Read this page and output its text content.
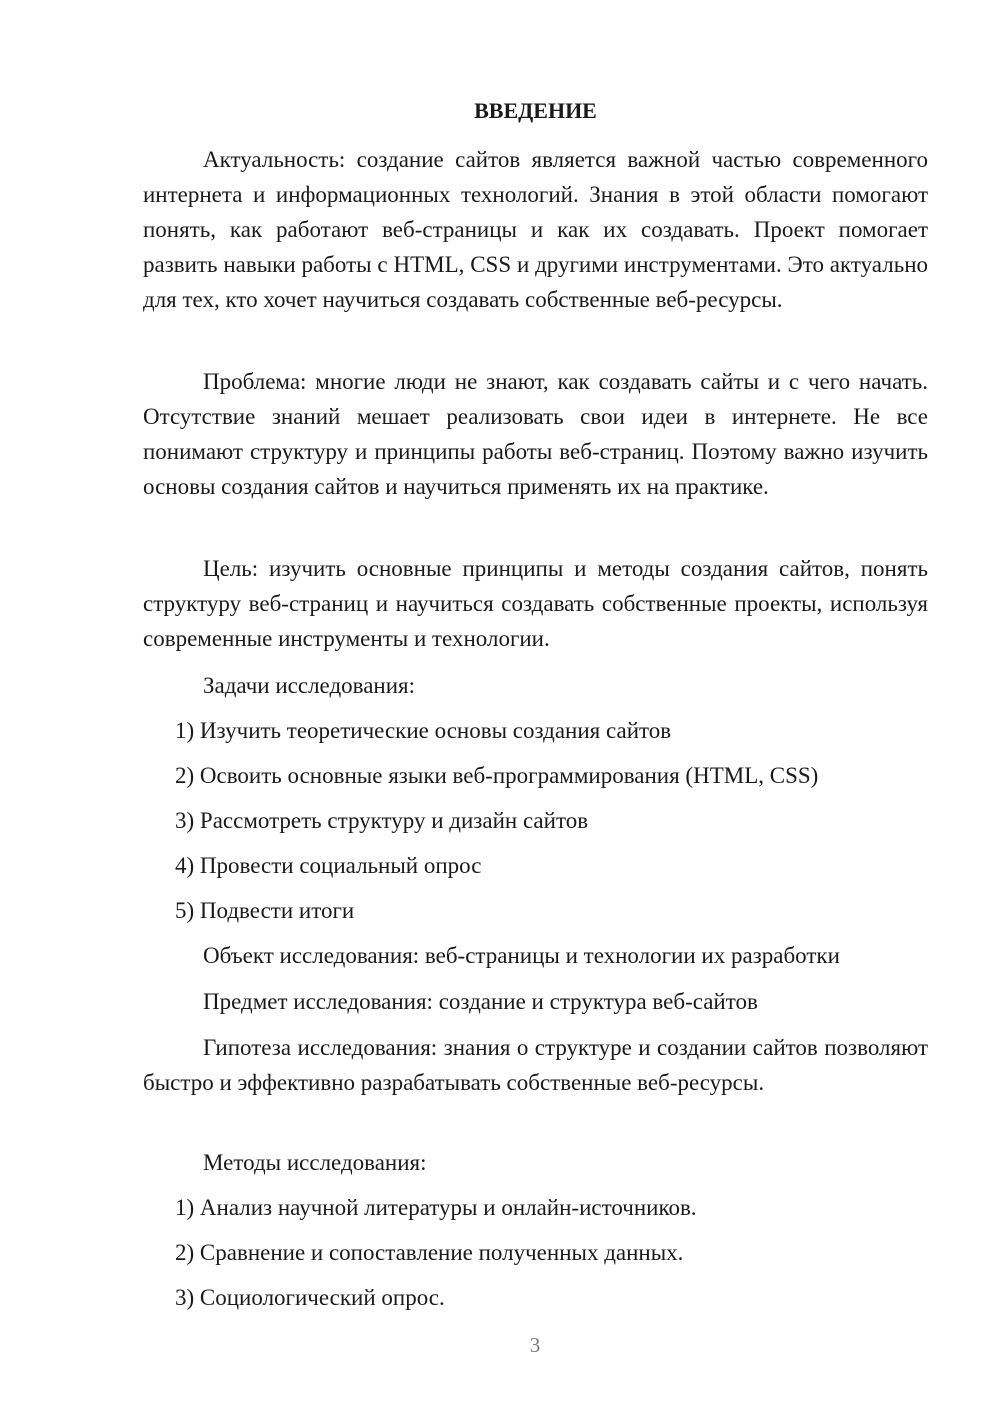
ВВЕДЕНИЕ

Актуальность: создание сайтов является важной частью современного интернета и информационных технологий. Знания в этой области помогают понять, как работают веб-страницы и как их создавать. Проект помогает развить навыки работы с HTML, CSS и другими инструментами. Это актуально для тех, кто хочет научиться создавать собственные веб-ресурсы.

Проблема: многие люди не знают, как создавать сайты и с чего начать. Отсутствие знаний мешает реализовать свои идеи в интернете. Не все понимают структуру и принципы работы веб-страниц. Поэтому важно изучить основы создания сайтов и научиться применять их на практике.

Цель: изучить основные принципы и методы создания сайтов, понять структуру веб-страниц и научиться создавать собственные проекты, используя современные инструменты и технологии.

Задачи исследования:

1) Изучить теоретические основы создания сайтов

2) Освоить основные языки веб-программирования (HTML, CSS)

3) Рассмотреть структуру и дизайн сайтов

4) Провести социальный опрос

5) Подвести итоги

Объект исследования: веб-страницы и технологии их разработки

Предмет исследования: создание и структура веб-сайтов

Гипотеза исследования: знания о структуре и создании сайтов позволяют быстро и эффективно разрабатывать собственные веб-ресурсы.

Методы исследования:

1) Анализ научной литературы и онлайн-источников.

2) Сравнение и сопоставление полученных данных.

3) Социологический опрос.

3
